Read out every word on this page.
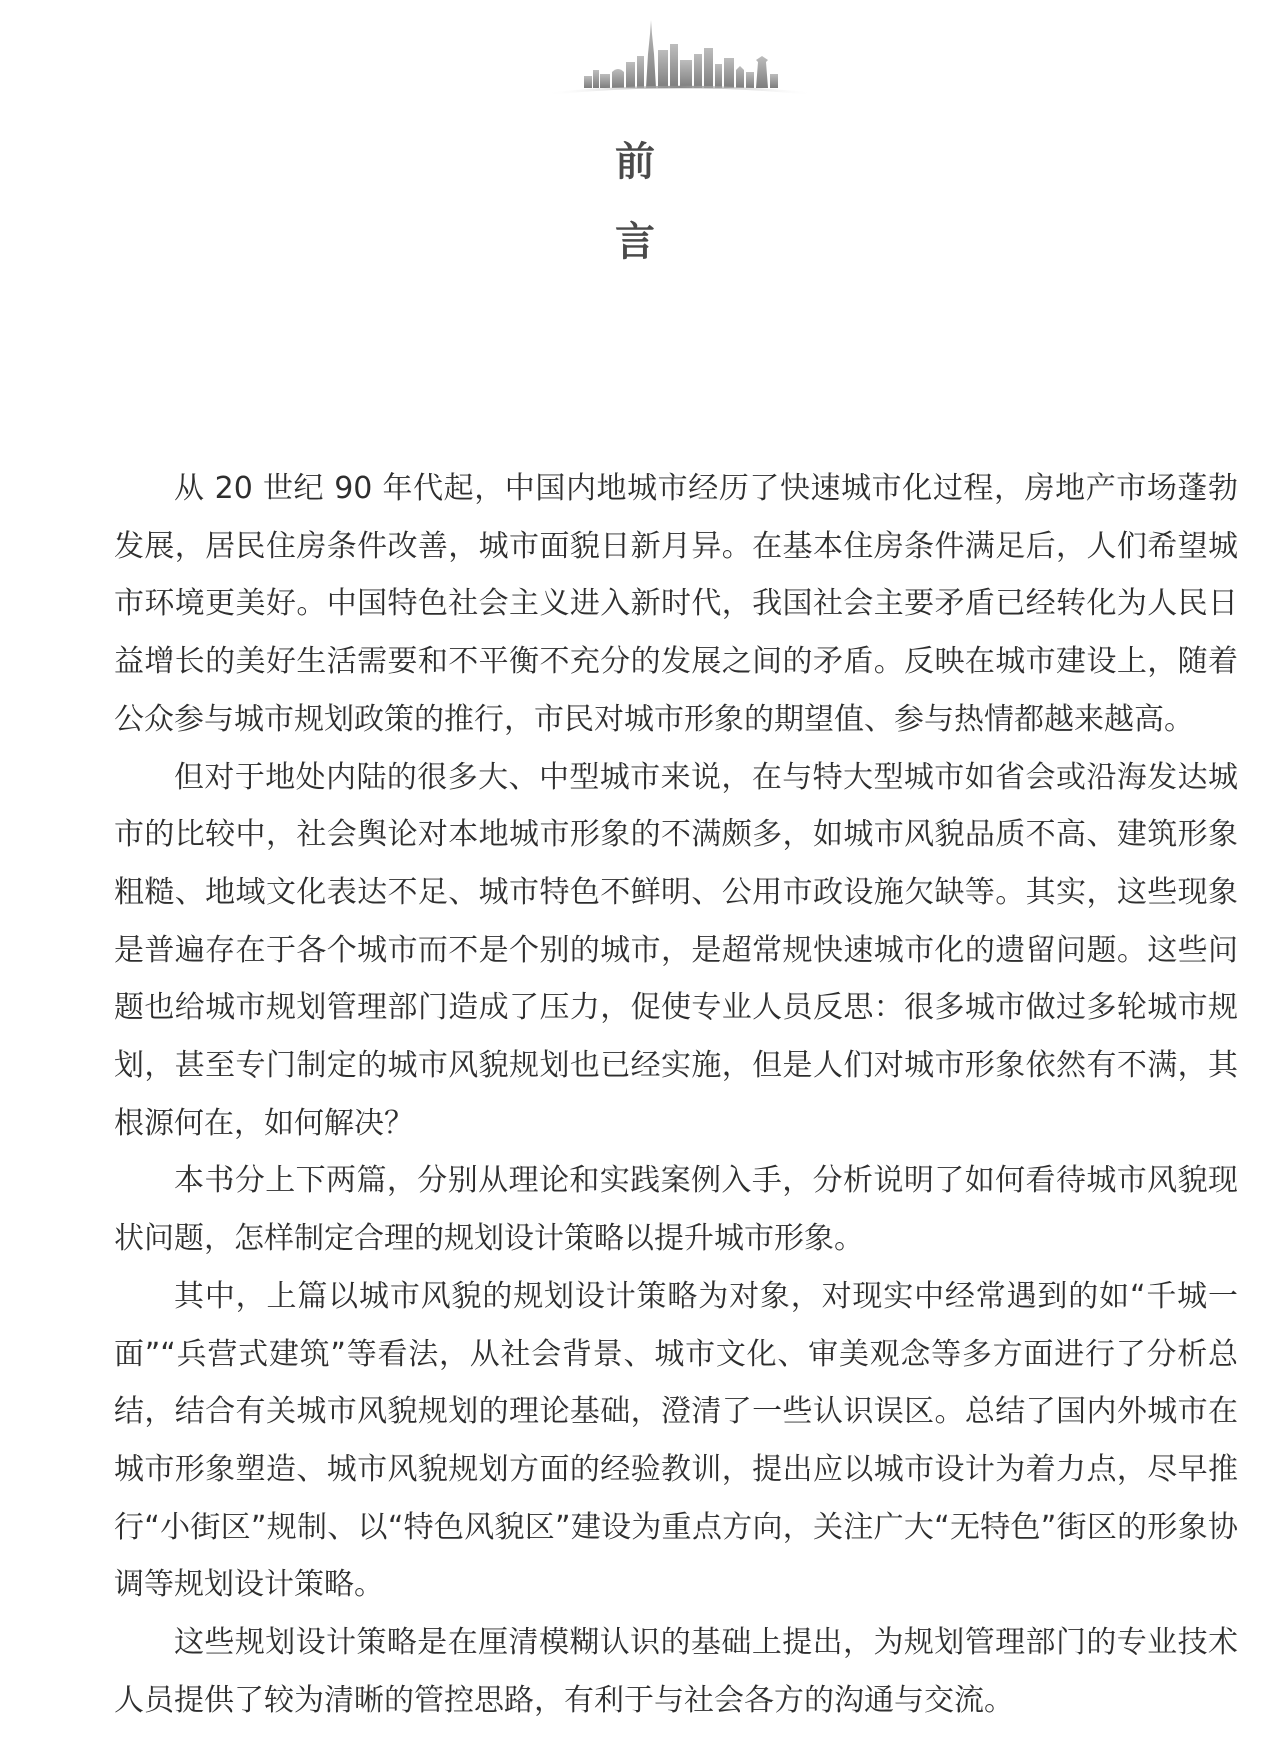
前
言

从 20 世纪 90 年代起，中国内地城市经历了快速城市化过程，房地产市场蓬勃发展，居民住房条件改善，城市面貌日新月异。在基本住房条件满足后，人们希望城市环境更美好。中国特色社会主义进入新时代，我国社会主要矛盾已经转化为人民日益增长的美好生活需要和不平衡不充分的发展之间的矛盾。反映在城市建设上，随着公众参与城市规划政策的推行，市民对城市形象的期望值、参与热情都越来越高。

但对于地处内陆的很多大、中型城市来说，在与特大型城市如省会或沿海发达城市的比较中，社会舆论对本地城市形象的不满颇多，如城市风貌品质不高、建筑形象粗糙、地域文化表达不足、城市特色不鲜明、公用市政设施欠缺等。其实，这些现象是普遍存在于各个城市而不是个别的城市，是超常规快速城市化的遗留问题。这些问题也给城市规划管理部门造成了压力，促使专业人员反思：很多城市做过多轮城市规划，甚至专门制定的城市风貌规划也已经实施，但是人们对城市形象依然有不满，其根源何在，如何解决？

本书分上下两篇，分别从理论和实践案例入手，分析说明了如何看待城市风貌现状问题，怎样制定合理的规划设计策略以提升城市形象。

其中，上篇以城市风貌的规划设计策略为对象，对现实中经常遇到的如“千城一面”“兵营式建筑”等看法，从社会背景、城市文化、审美观念等多方面进行了分析总结，结合有关城市风貌规划的理论基础，澄清了一些认识误区。总结了国内外城市在城市形象塑造、城市风貌规划方面的经验教训，提出应以城市设计为着力点，尽早推行“小街区”规制、以“特色风貌区”建设为重点方向，关注广大“无特色”街区的形象协调等规划设计策略。

这些规划设计策略是在厘清模糊认识的基础上提出，为规划管理部门的专业技术人员提供了较为清晰的管控思路，有利于与社会各方的沟通与交流。
